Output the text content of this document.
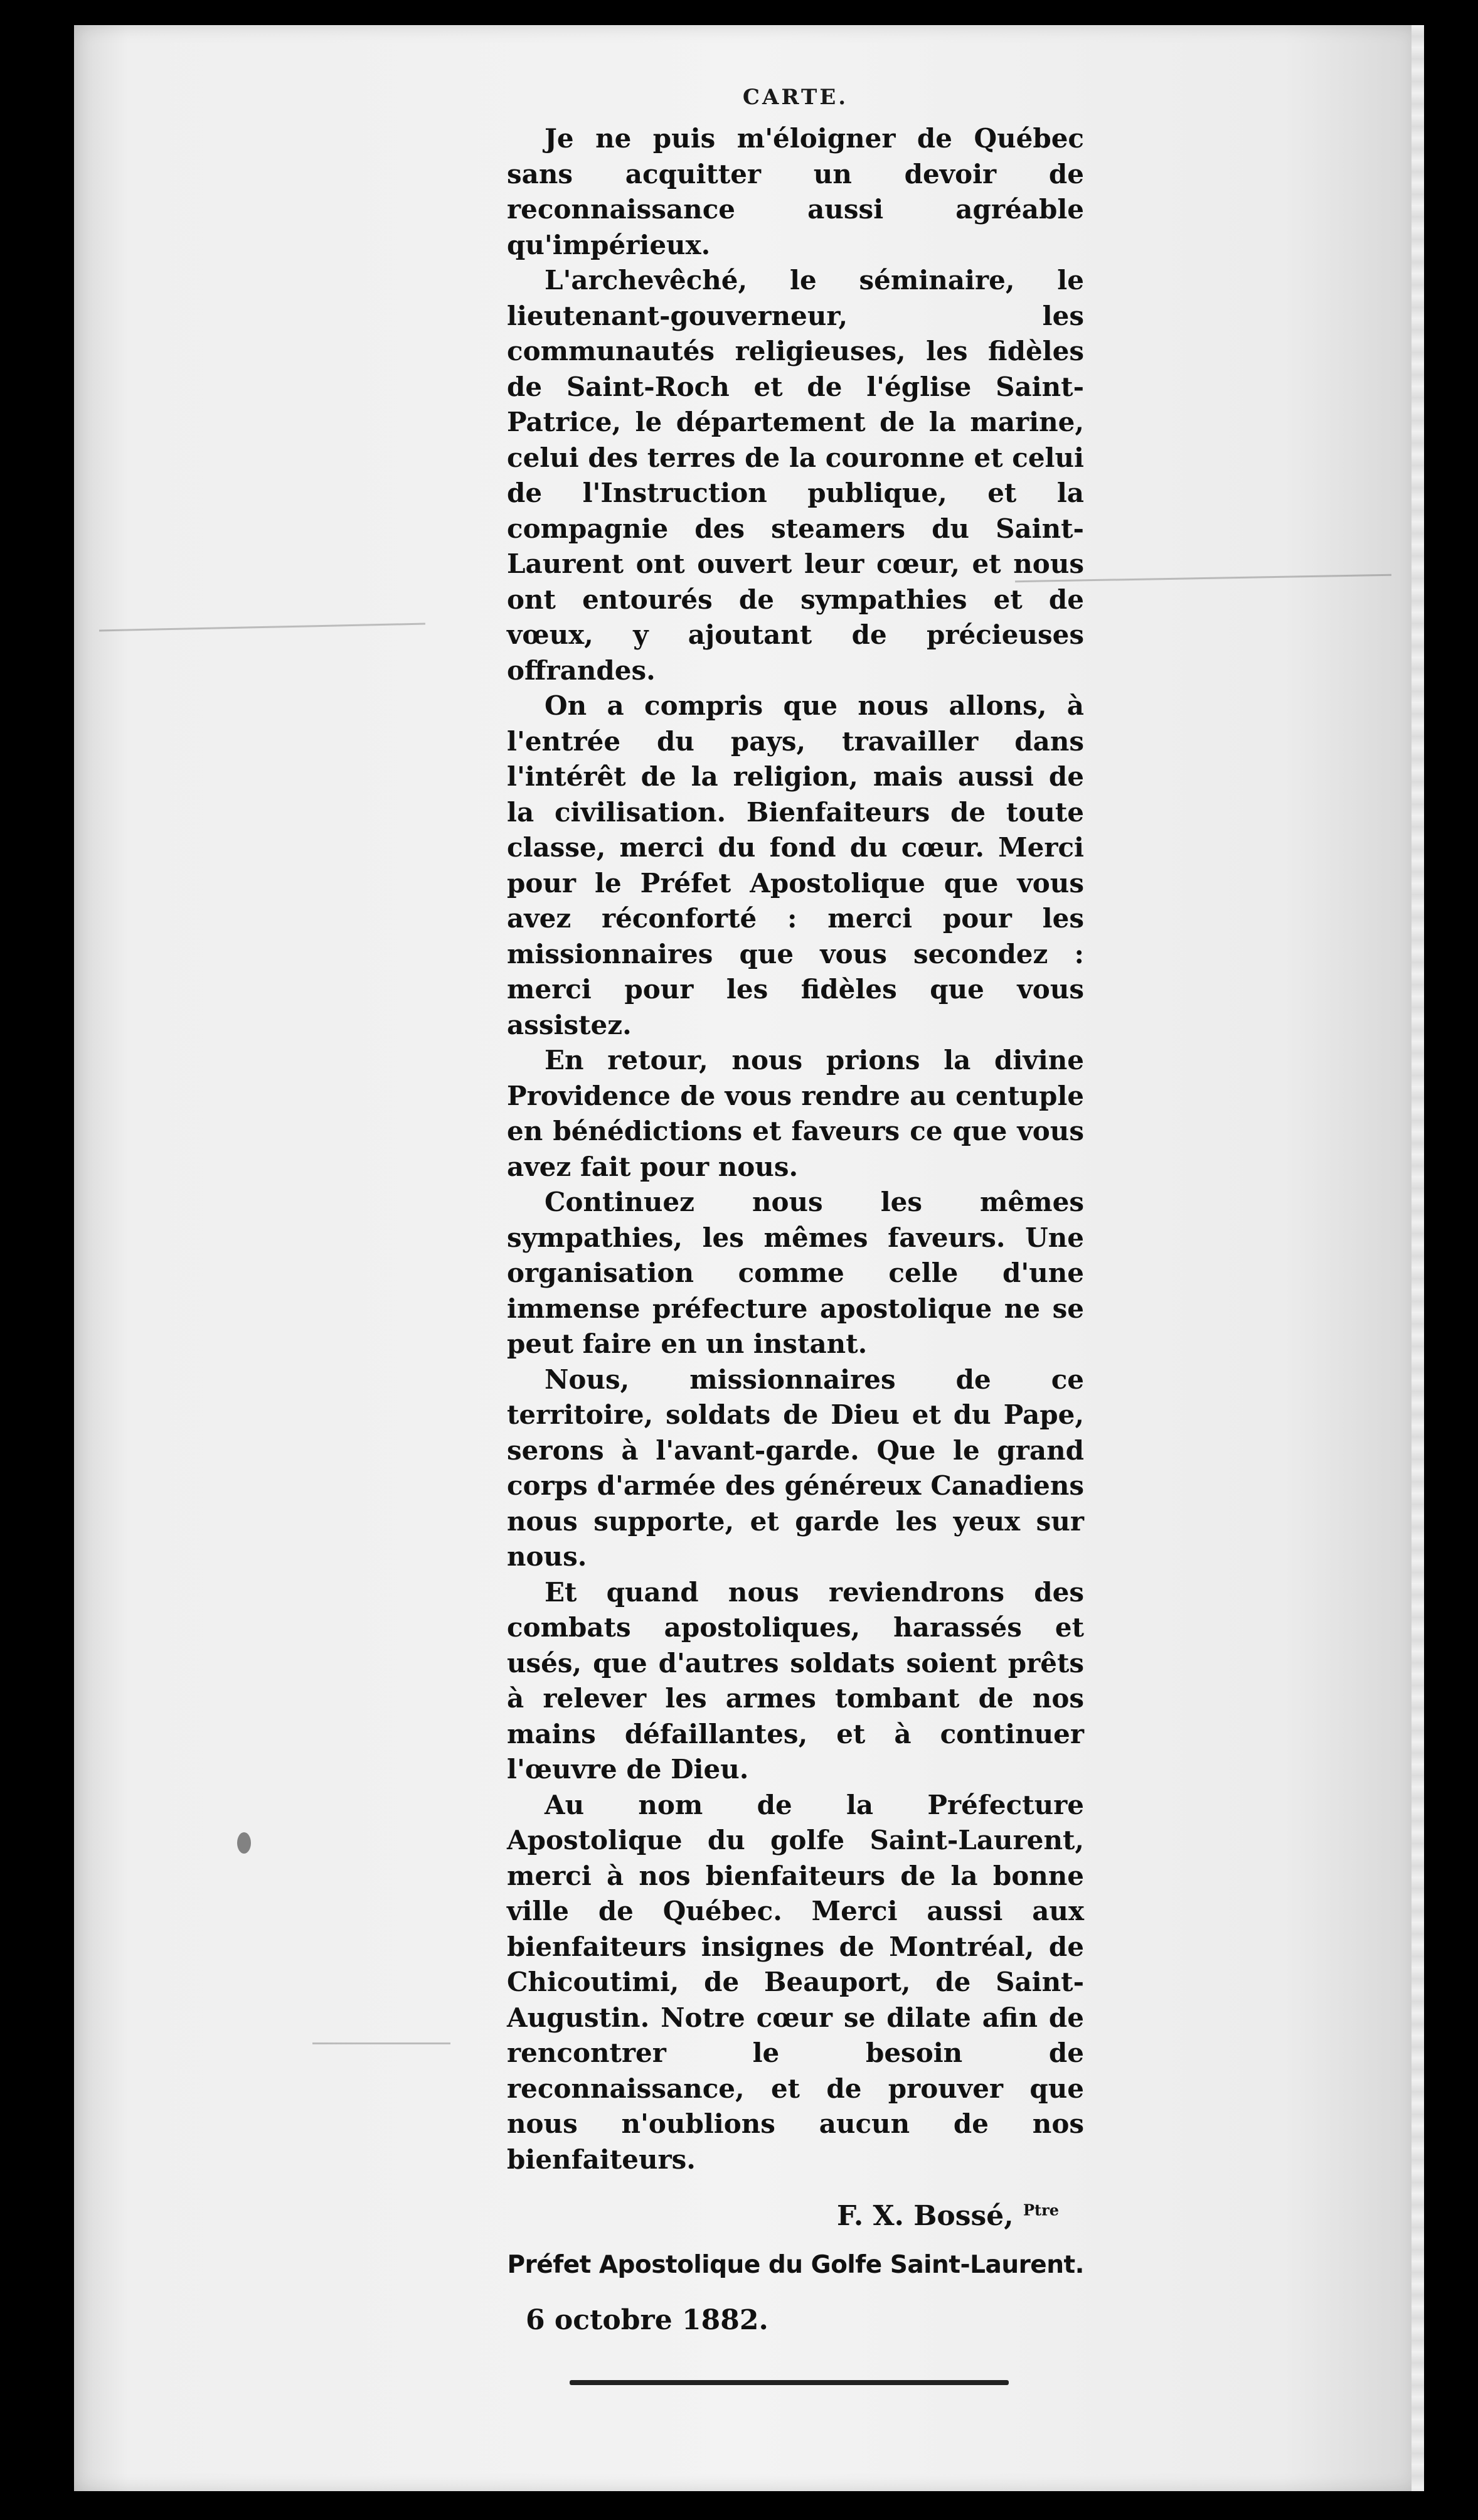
CARTE.

Je ne puis m'éloigner de Québec sans acquitter un devoir de reconnaissance aussi agréable qu'impérieux.

L'archevêché, le séminaire, le lieutenant-gouverneur, les communautés religieuses, les fidèles de Saint-Roch et de l'église Saint-Patrice, le département de la marine, celui des terres de la couronne et celui de l'Instruction publique, et la compagnie des steamers du Saint-Laurent ont ouvert leur cœur, et nous ont entourés de sympathies et de vœux, y ajoutant de précieuses offrandes.

On a compris que nous allons, à l'entrée du pays, travailler dans l'intérêt de la religion, mais aussi de la civilisation. Bienfaiteurs de toute classe, merci du fond du cœur. Merci pour le Préfet Apostolique que vous avez réconforté : merci pour les missionnaires que vous secondez : merci pour les fidèles que vous assistez.

En retour, nous prions la divine Providence de vous rendre au centuple en bénédictions et faveurs ce que vous avez fait pour nous.

Continuez nous les mêmes sympathies, les mêmes faveurs. Une organisation comme celle d'une immense préfecture apostolique ne se peut faire en un instant.

Nous, missionnaires de ce territoire, soldats de Dieu et du Pape, serons à l'avant-garde. Que le grand corps d'armée des généreux Canadiens nous supporte, et garde les yeux sur nous.

Et quand nous reviendrons des combats apostoliques, harassés et usés, que d'autres soldats soient prêts à relever les armes tombant de nos mains défaillantes, et à continuer l'œuvre de Dieu.

Au nom de la Préfecture Apostolique du golfe Saint-Laurent, merci à nos bienfaiteurs de la bonne ville de Québec. Merci aussi aux bienfaiteurs insignes de Montréal, de Chicoutimi, de Beauport, de Saint-Augustin. Notre cœur se dilate afin de rencontrer le besoin de reconnaissance, et de prouver que nous n'oublions aucun de nos bienfaiteurs.

F. X. Bossé, $^{Ptre}$
Préfet Apostolique du Golfe Saint-Laurent.
6 octobre 1882.
